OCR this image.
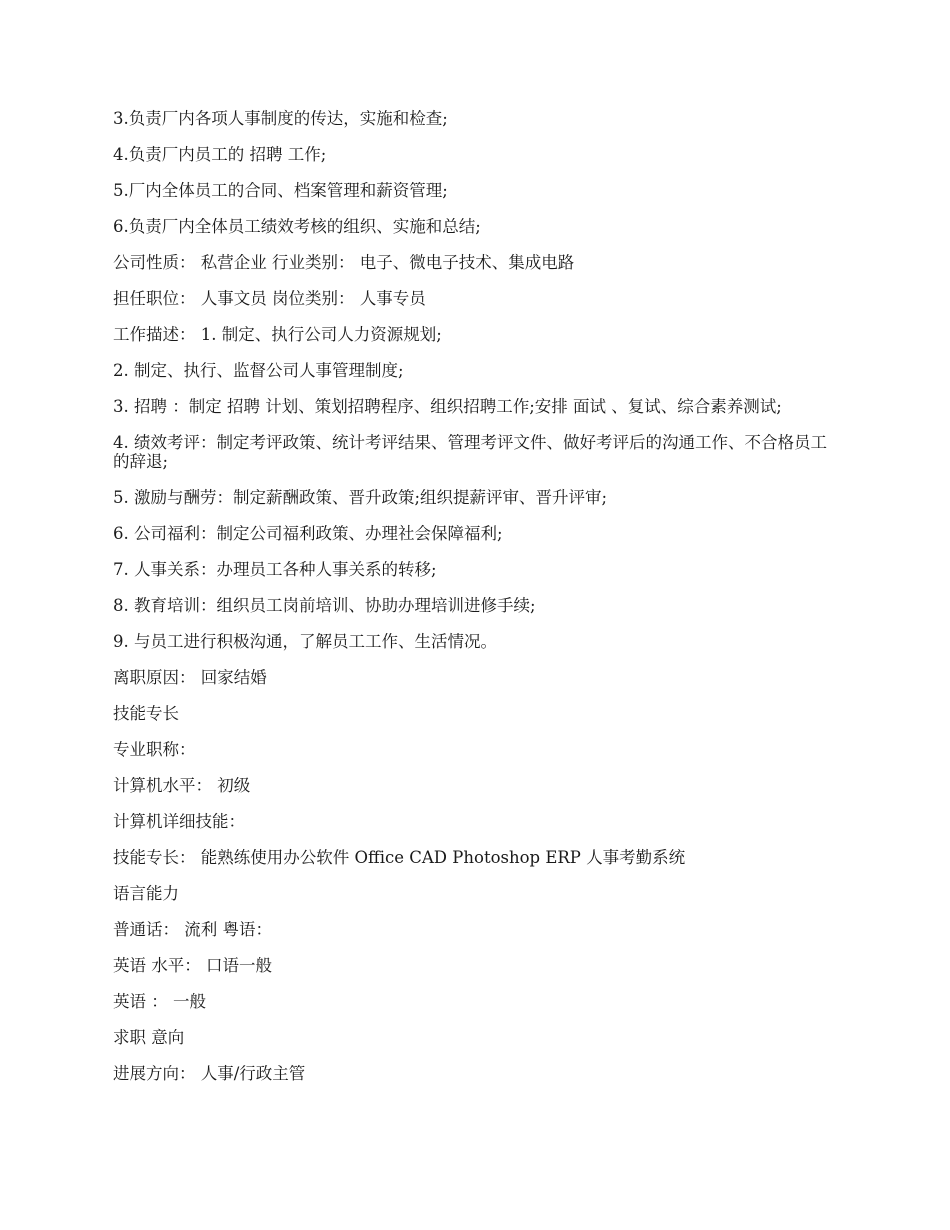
3.负责厂内各项人事制度的传达，实施和检查;

4.负责厂内员工的 招聘 工作;

5.厂内全体员工的合同、档案管理和薪资管理;

6.负责厂内全体员工绩效考核的组织、实施和总结;

公司性质： 私营企业 行业类别： 电子、微电子技术、集成电路

担任职位： 人事文员 岗位类别： 人事专员

工作描述： 1. 制定、执行公司人力资源规划;

2. 制定、执行、监督公司人事管理制度;

3. 招聘 ：制定 招聘 计划、策划招聘程序、组织招聘工作;安排 面试 、复试、综合素养测试;

4. 绩效考评：制定考评政策、统计考评结果、管理考评文件、做好考评后的沟通工作、不合格员工的辞退;

5. 激励与酬劳：制定薪酬政策、晋升政策;组织提薪评审、晋升评审;

6. 公司福利：制定公司福利政策、办理社会保障福利;

7. 人事关系：办理员工各种人事关系的转移;

8. 教育培训：组织员工岗前培训、协助办理培训进修手续;

9. 与员工进行积极沟通，了解员工工作、生活情况。

离职原因： 回家结婚

技能专长

专业职称：

计算机水平： 初级

计算机详细技能：

技能专长： 能熟练使用办公软件 Office CAD Photoshop ERP 人事考勤系统

语言能力

普通话： 流利 粤语：

英语 水平： 口语一般

英语 ： 一般

求职 意向

进展方向： 人事/行政主管
